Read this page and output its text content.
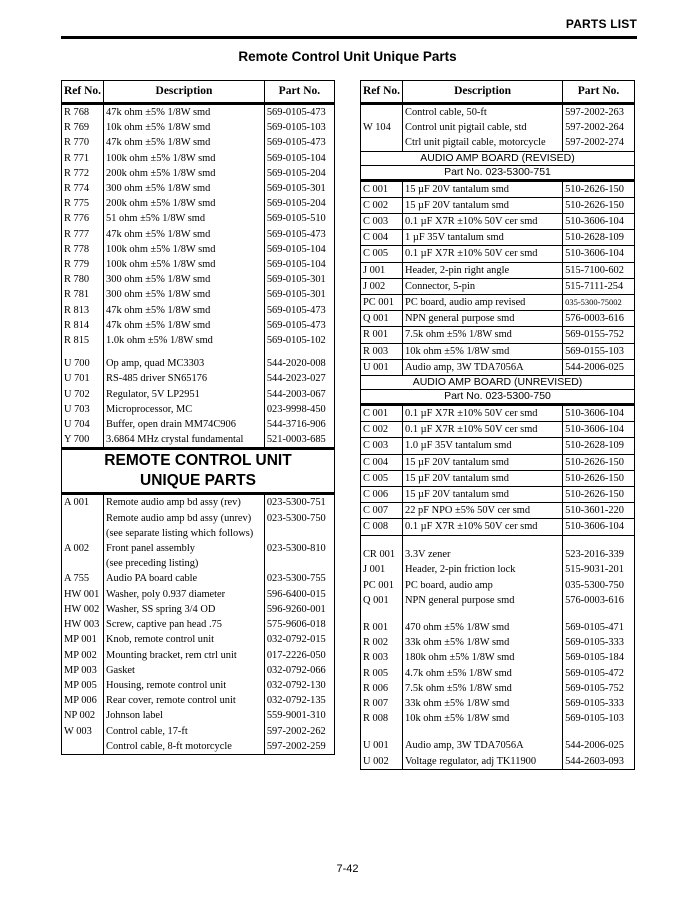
PARTS LIST
Remote Control Unit Unique Parts
Ref No.	Description	Part No.
R 768	47k ohm ±5% 1/8W smd	569-0105-473
R 769	10k ohm ±5% 1/8W smd	569-0105-103
R 770	47k ohm ±5% 1/8W smd	569-0105-473
R 771	100k ohm ±5% 1/8W smd	569-0105-104
R 772	200k ohm ±5% 1/8W smd	569-0105-204
R 774	300 ohm ±5% 1/8W smd	569-0105-301
R 775	200k ohm ±5% 1/8W smd	569-0105-204
R 776	51 ohm ±5% 1/8W smd	569-0105-510
R 777	47k ohm ±5% 1/8W smd	569-0105-473
R 778	100k ohm ±5% 1/8W smd	569-0105-104
R 779	100k ohm ±5% 1/8W smd	569-0105-104
R 780	300 ohm ±5% 1/8W smd	569-0105-301
R 781	300 ohm ±5% 1/8W smd	569-0105-301
R 813	47k ohm ±5% 1/8W smd	569-0105-473
R 814	47k ohm ±5% 1/8W smd	569-0105-473
R 815	1.0k ohm ±5% 1/8W smd	569-0105-102

U 700	Op amp, quad MC3303	544-2020-008
U 701	RS-485 driver SN65176	544-2023-027
U 702	Regulator, 5V LP2951	544-2003-067
U 703	Microprocessor, MC	023-9998-450
U 704	Buffer, open drain MM74C906	544-3716-906
Y 700	3.6864 MHz crystal fundamental	521-0003-685
REMOTE CONTROL UNIT		
UNIQUE PARTS		
A 001	Remote audio amp bd assy (rev)	023-5300-751
	Remote audio amp bd assy (unrev)	023-5300-750
	(see separate listing which follows)	
A 002	Front panel assembly	023-5300-810
	(see preceding listing)	
A 755	Audio PA board cable	023-5300-755
HW 001	Washer, poly 0.937 diameter	596-6400-015
HW 002	Washer, SS spring 3/4 OD	596-9260-001
HW 003	Screw, captive pan head .75	575-9606-018
MP 001	Knob, remote control unit	032-0792-015
MP 002	Mounting bracket, rem ctrl unit	017-2226-050
MP 003	Gasket	032-0792-066
MP 005	Housing, remote control unit	032-0792-130
MP 006	Rear cover, remote control unit	032-0792-135
NP 002	Johnson label	559-9001-310
W 003	Control cable, 17-ft	597-2002-262
	Control cable, 8-ft motorcycle	597-2002-259
Ref No.	Description	Part No.
	Control cable, 50-ft	597-2002-263
W 104	Control unit pigtail cable, std	597-2002-264
	Ctrl unit pigtail cable, motorcycle	597-2002-274
AUDIO AMP BOARD (REVISED)		
Part No. 023-5300-751		
C 001	15 µF 20V tantalum smd	510-2626-150
C 002	15 µF 20V tantalum smd	510-2626-150
C 003	0.1 µF X7R ±10% 50V cer smd	510-3606-104
C 004	1 µF 35V tantalum smd	510-2628-109
C 005	0.1 µF X7R ±10% 50V cer smd	510-3606-104
J 001	Header, 2-pin right angle	515-7100-602
J 002	Connector, 5-pin	515-7111-254
PC 001	PC board, audio amp revised	035-5300-75002
Q 001	NPN general purpose smd	576-0003-616
R 001	7.5k ohm ±5% 1/8W smd	569-0155-752
R 003	10k ohm ±5% 1/8W smd	569-0155-103
U 001	Audio amp, 3W TDA7056A	544-2006-025
AUDIO AMP BOARD (UNREVISED)		
Part No. 023-5300-750		
C 001	0.1 µF X7R ±10% 50V cer smd	510-3606-104
C 002	0.1 µF X7R ±10% 50V cer smd	510-3606-104
C 003	1.0 µF 35V tantalum smd	510-2628-109
C 004	15 µF 20V tantalum smd	510-2626-150
C 005	15 µF 20V tantalum smd	510-2626-150
C 006	15 µF 20V tantalum smd	510-2626-150
C 007	22 pF NPO ±5% 50V cer smd	510-3601-220
C 008	0.1 µF X7R ±10% 50V cer smd	510-3606-104

CR 001	3.3V zener	523-2016-339
J 001	Header, 2-pin friction lock	515-9031-201
PC 001	PC board, audio amp	035-5300-750
Q 001	NPN general purpose smd	576-0003-616

R 001	470 ohm ±5% 1/8W smd	569-0105-471
R 002	33k ohm ±5% 1/8W smd	569-0105-333
R 003	180k ohm ±5% 1/8W smd	569-0105-184
R 005	4.7k ohm ±5% 1/8W smd	569-0105-472
R 006	7.5k ohm ±5% 1/8W smd	569-0105-752
R 007	33k ohm ±5% 1/8W smd	569-0105-333
R 008	10k ohm ±5% 1/8W smd	569-0105-103

U 001	Audio amp, 3W TDA7056A	544-2006-025
U 002	Voltage regulator, adj TK11900	544-2603-093
7-42
